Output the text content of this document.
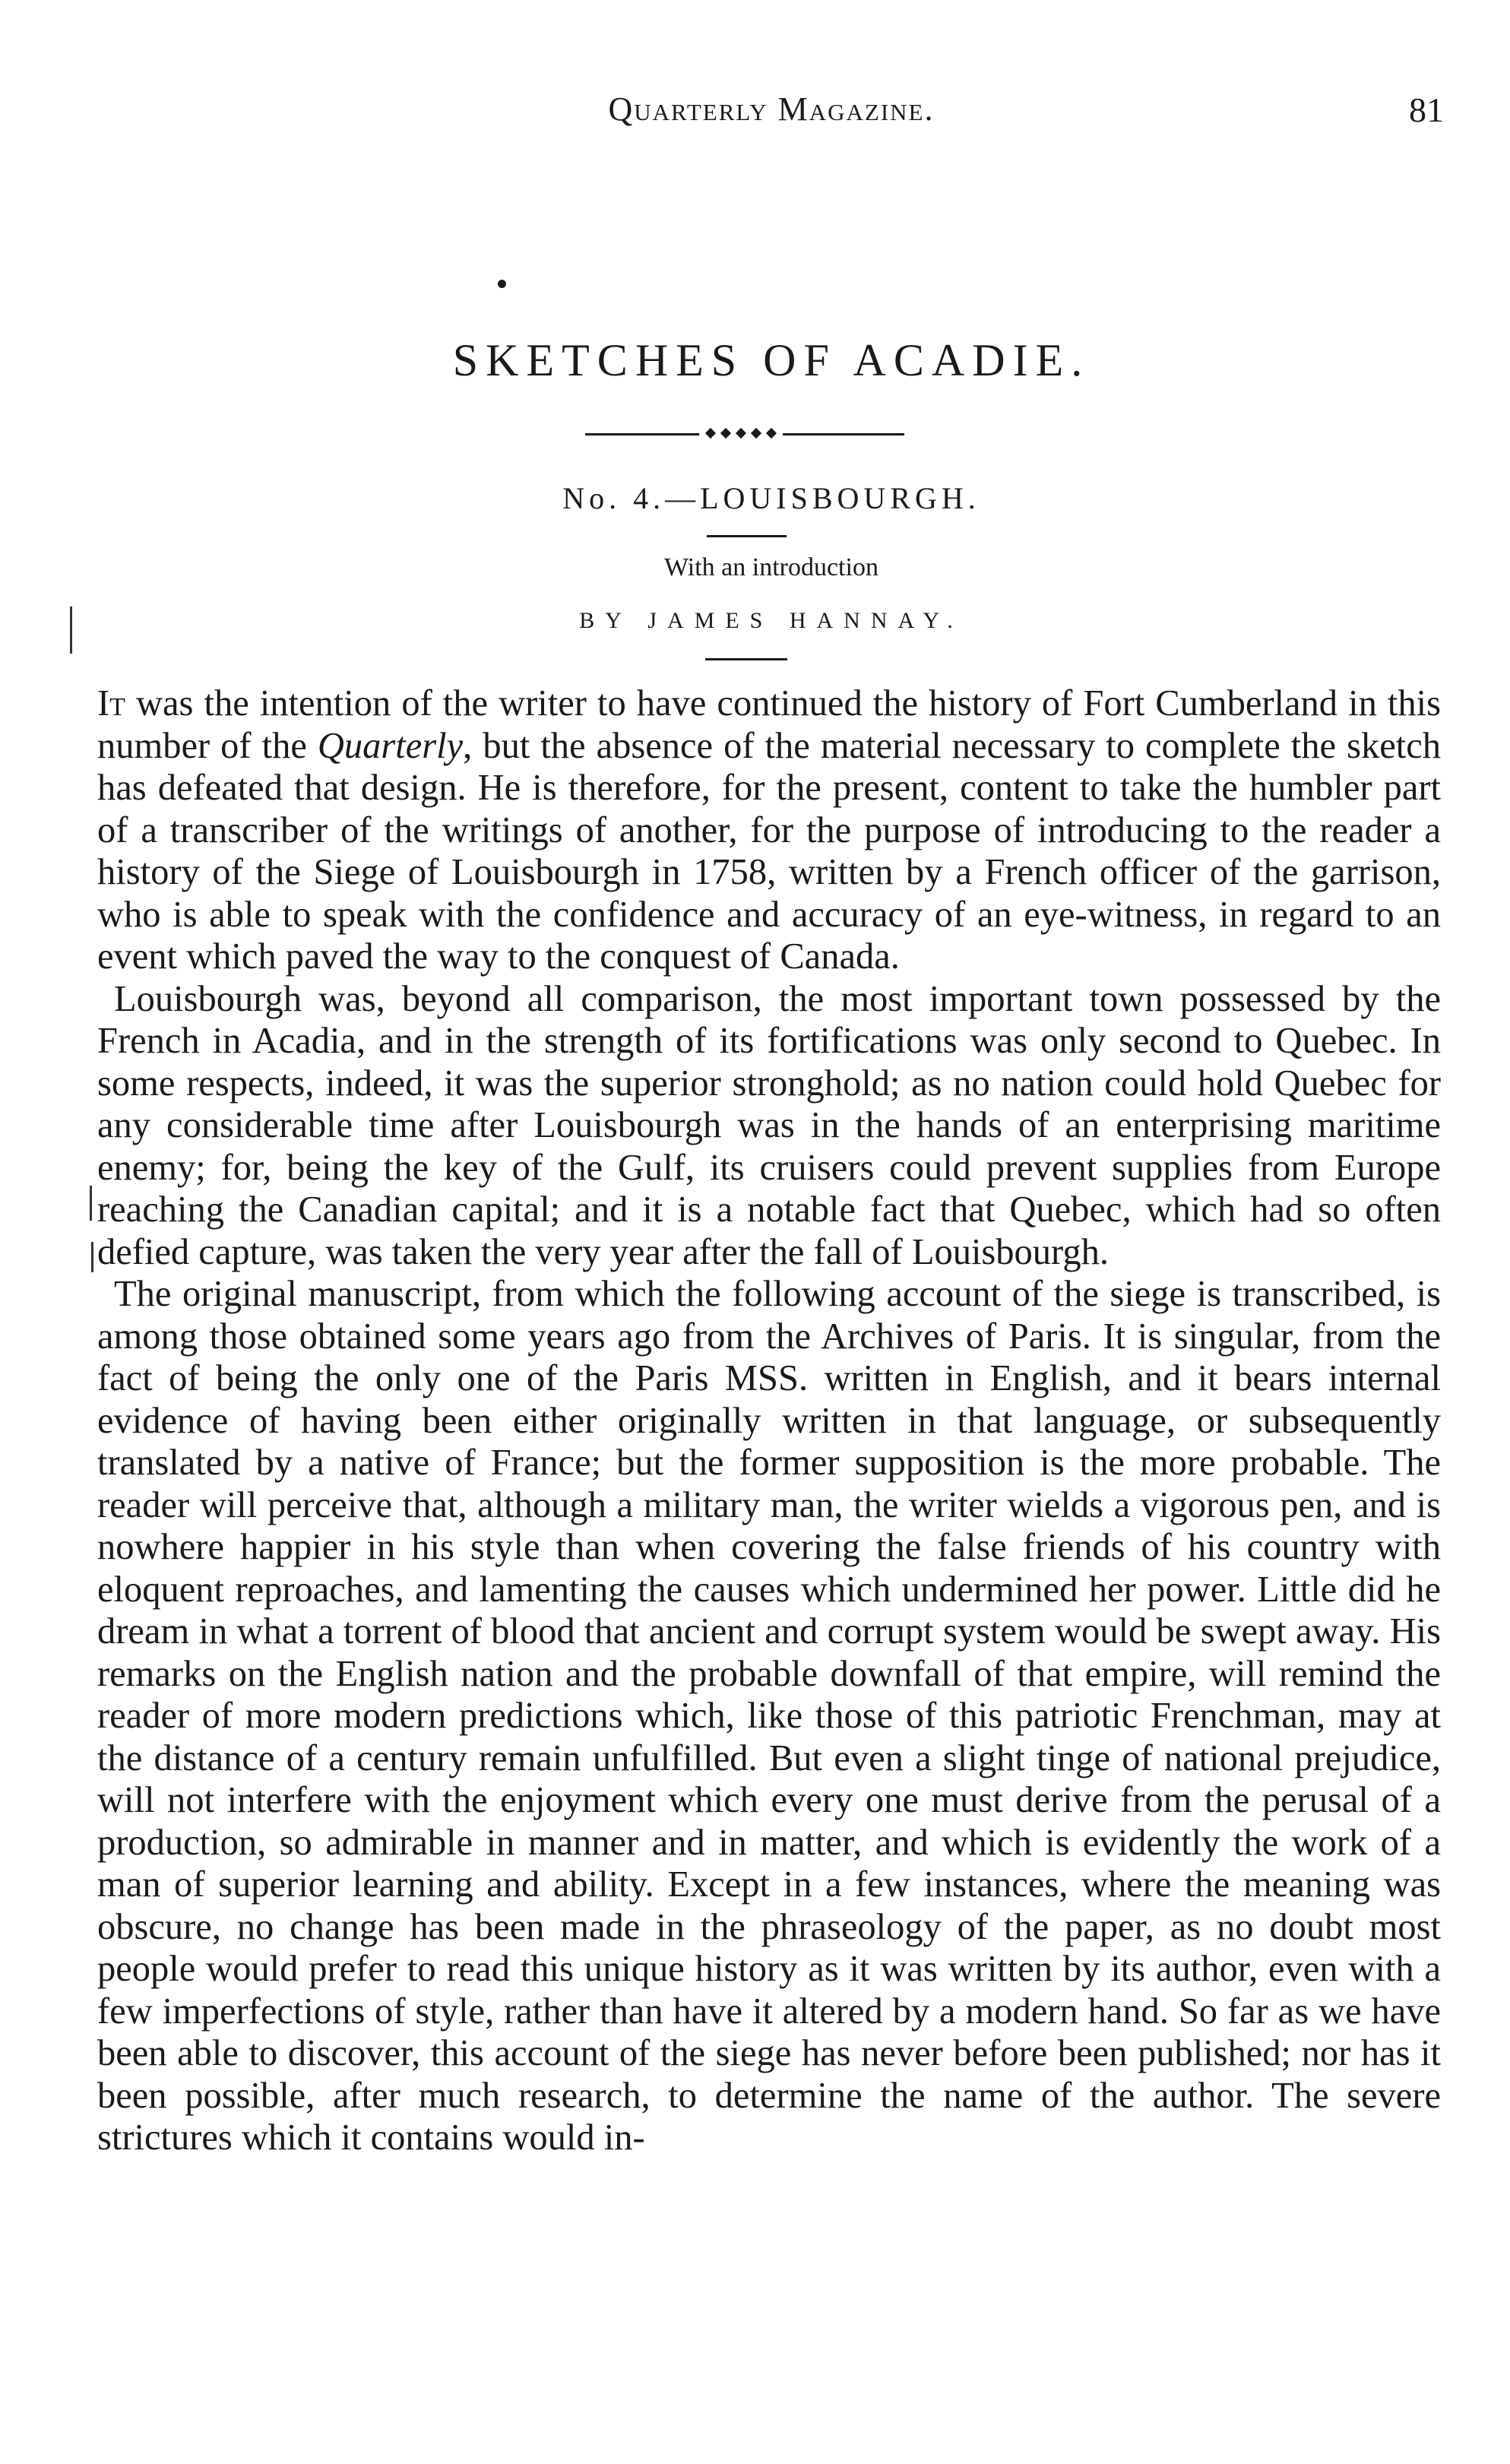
Quarterly Magazine.	81
SKETCHES OF ACADIE.
No. 4.—LOUISBOURGH.
With an introduction
BY JAMES HANNAY.

It was the intention of the writer to have continued the history of Fort Cumberland in this number of the Quarterly, but the absence of the material necessary to complete the sketch has defeated that design. He is therefore, for the present, content to take the humbler part of a transcriber of the writings of another, for the purpose of introducing to the reader a history of the Siege of Louisbourgh in 1758, written by a French officer of the garrison, who is able to speak with the confidence and accuracy of an eye-witness, in regard to an event which paved the way to the conquest of Canada.

Louisbourgh was, beyond all comparison, the most important town possessed by the French in Acadia, and in the strength of its fortifications was only second to Quebec. In some respects, indeed, it was the superior stronghold; as no nation could hold Quebec for any considerable time after Louisbourgh was in the hands of an enterprising maritime enemy; for, being the key of the Gulf, its cruisers could prevent supplies from Europe reaching the Canadian capital; and it is a notable fact that Quebec, which had so often defied capture, was taken the very year after the fall of Louisbourgh.

The original manuscript, from which the following account of the siege is transcribed, is among those obtained some years ago from the Archives of Paris. It is singular, from the fact of being the only one of the Paris MSS. written in English, and it bears internal evidence of having been either originally written in that language, or subsequently translated by a native of France; but the former supposition is the more probable. The reader will perceive that, although a military man, the writer wields a vigorous pen, and is nowhere happier in his style than when covering the false friends of his country with eloquent reproaches, and lamenting the causes which undermined her power. Little did he dream in what a torrent of blood that ancient and corrupt system would be swept away. His remarks on the English nation and the probable downfall of that empire, will remind the reader of more modern predictions which, like those of this patriotic Frenchman, may at the distance of a century remain unfulfilled. But even a slight tinge of national prejudice, will not interfere with the enjoyment which every one must derive from the perusal of a production, so admirable in manner and in matter, and which is evidently the work of a man of superior learning and ability. Except in a few instances, where the meaning was obscure, no change has been made in the phraseology of the paper, as no doubt most people would prefer to read this unique history as it was written by its author, even with a few imperfections of style, rather than have it altered by a modern hand. So far as we have been able to discover, this account of the siege has never before been published; nor has it been possible, after much research, to determine the name of the author. The severe strictures which it contains would in-
